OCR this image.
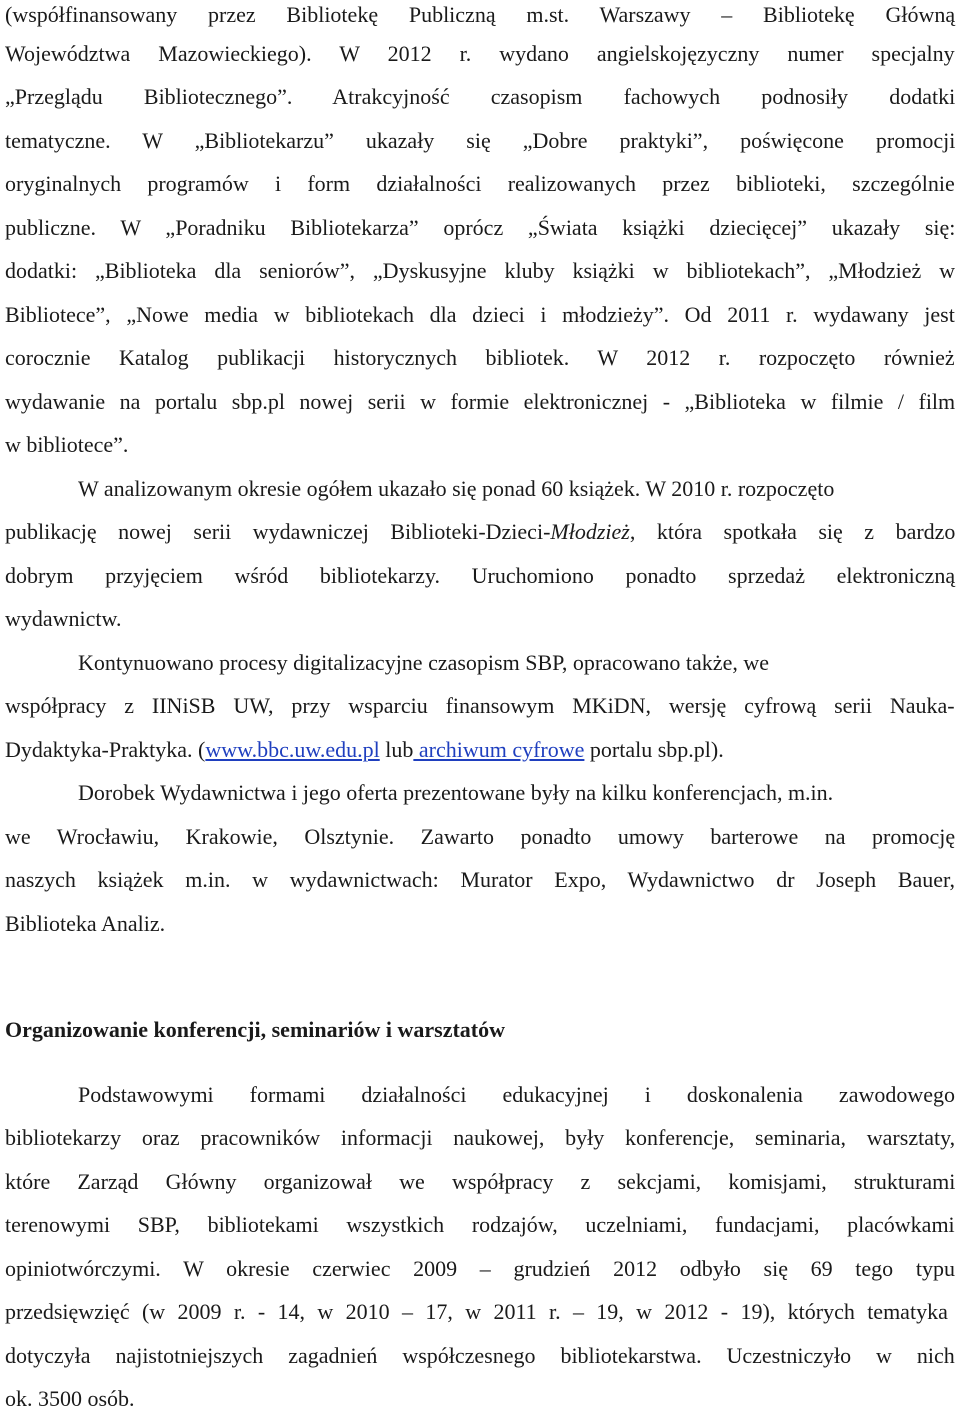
(współfinansowany przez Bibliotekę Publiczną m.st. Warszawy – Bibliotekę Główną
Województwa Mazowieckiego). W 2012 r. wydano angielskojęzyczny numer specjalny
„Przeglądu Bibliotecznego”. Atrakcyjność czasopism fachowych podnosiły dodatki
tematyczne. W „Bibliotekarzu” ukazały się „Dobre praktyki”, poświęcone promocji
oryginalnych programów i form działalności realizowanych przez biblioteki, szczególnie
publiczne. W „Poradniku Bibliotekarza” oprócz „Świata książki dziecięcej” ukazały się:
dodatki: „Biblioteka dla seniorów”, „Dyskusyjne kluby książki w bibliotekach”, „Młodzież w
Bibliotece”, „Nowe media w bibliotekach dla dzieci i młodzieży”. Od 2011 r. wydawany jest
corocznie Katalog publikacji historycznych bibliotek. W 2012 r. rozpoczęto również
wydawanie na portalu sbp.pl nowej serii w formie elektronicznej - „Biblioteka w filmie / film
w bibliotece”.
W analizowanym okresie ogółem ukazało się ponad 60 książek. W 2010 r. rozpoczęto
publikację nowej serii wydawniczej Biblioteki-Dzieci-Młodzież, która spotkała się z bardzo
dobrym przyjęciem wśród bibliotekarzy. Uruchomiono ponadto sprzedaż elektroniczną
wydawnictw.
Kontynuowano procesy digitalizacyjne czasopism SBP, opracowano także, we
współpracy z IINiSB UW, przy wsparciu finansowym MKiDN, wersję cyfrową serii Nauka-
Dydaktyka-Praktyka. (www.bbc.uw.edu.pl lub archiwum cyfrowe portalu sbp.pl).
Dorobek Wydawnictwa i jego oferta prezentowane były na kilku konferencjach, m.in.
we Wrocławiu, Krakowie, Olsztynie. Zawarto ponadto umowy barterowe na promocję
naszych książek m.in. w wydawnictwach: Murator Expo, Wydawnictwo dr Joseph Bauer,
Biblioteka Analiz.
Organizowanie konferencji, seminariów i warsztatów
Podstawowymi formami działalności edukacyjnej i doskonalenia zawodowego
bibliotekarzy oraz pracowników informacji naukowej, były konferencje, seminaria, warsztaty,
które Zarząd Główny organizował we współpracy z sekcjami, komisjami, strukturami
terenowymi SBP, bibliotekami wszystkich rodzajów, uczelniami, fundacjami, placówkami
opiniotwórczymi. W okresie czerwiec 2009 – grudzień 2012 odbyło się 69 tego typu
przedsięwzięć (w 2009 r. - 14, w 2010 – 17, w 2011 r. – 19, w 2012 - 19), których tematyka
dotyczyła najistotniejszych zagadnień współczesnego bibliotekarstwa. Uczestniczyło w nich
ok. 3500 osób.
